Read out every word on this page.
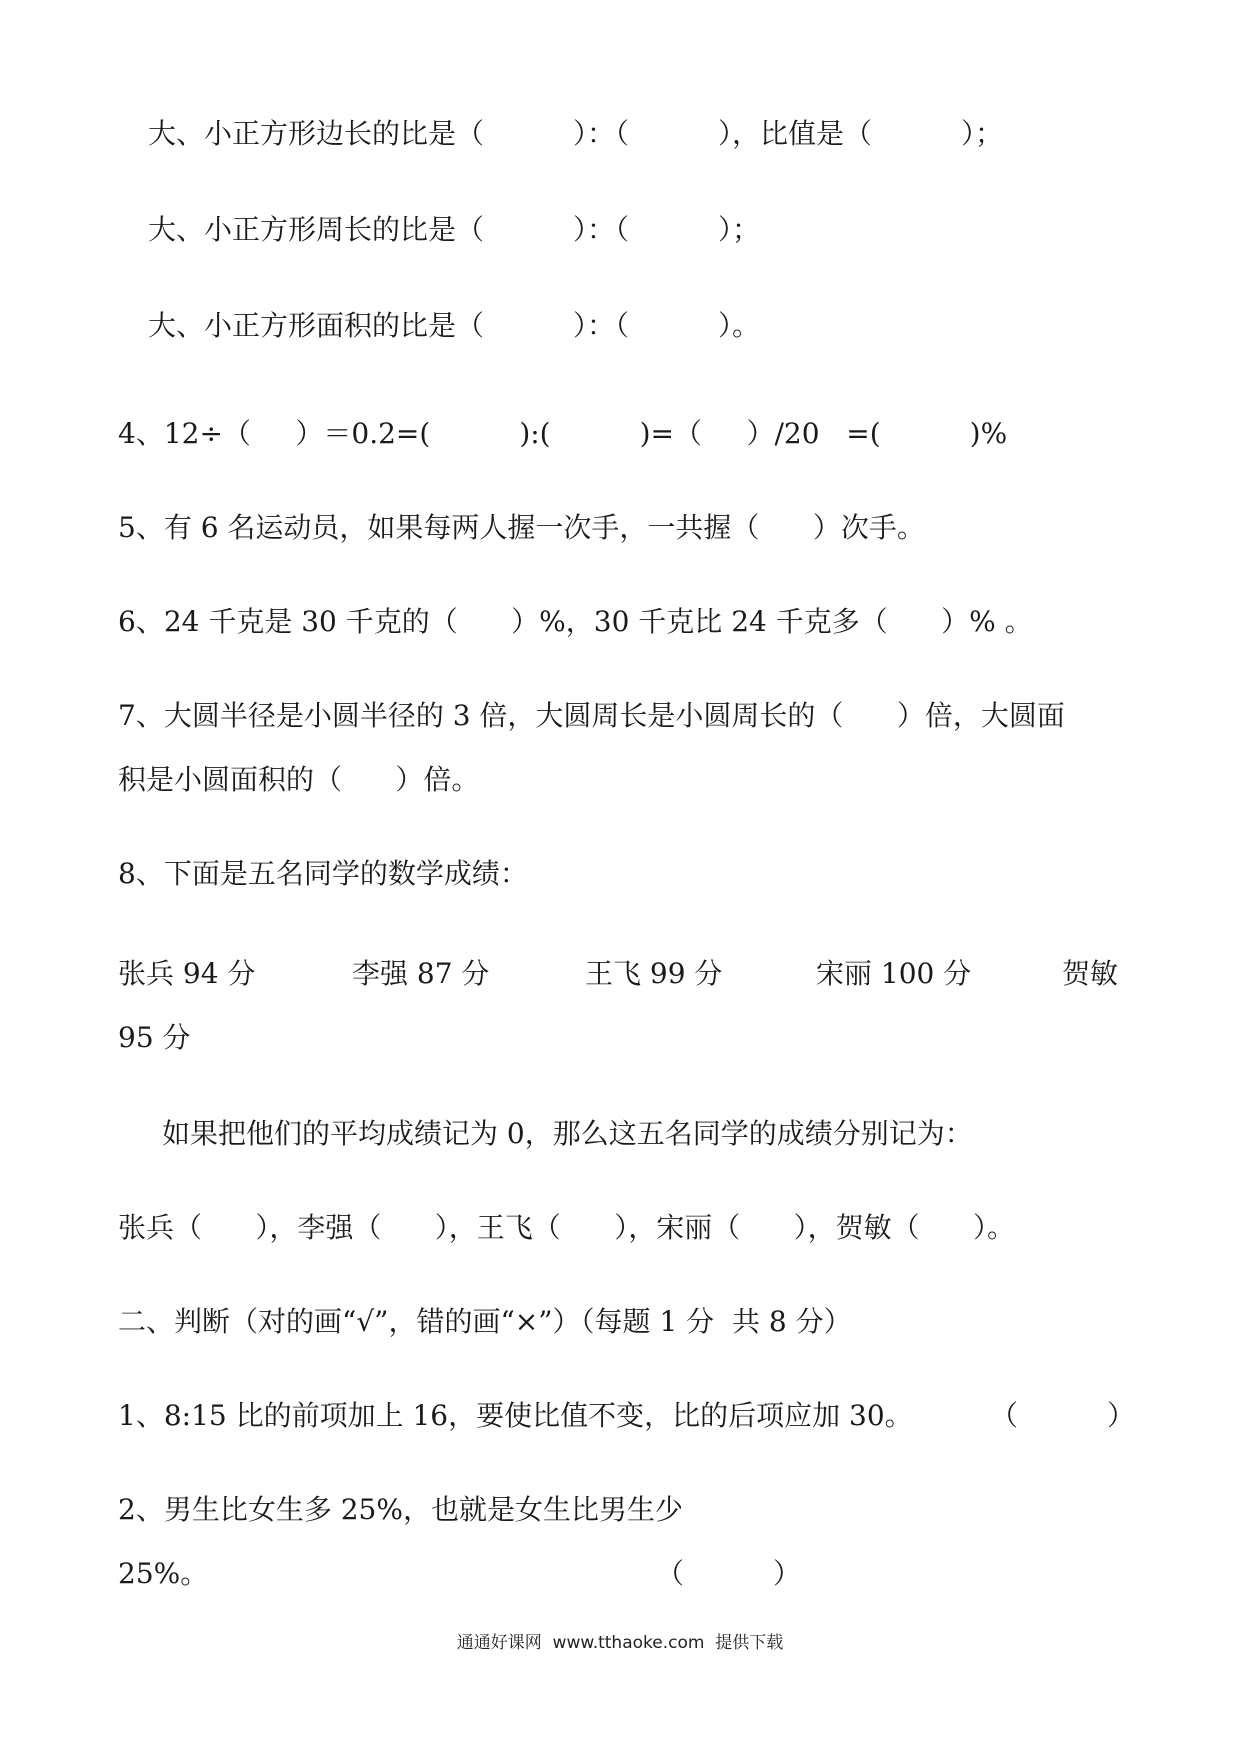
大、小正方形边长的比是（          ）：（          ），比值是（          ）；
大、小正方形周长的比是（          ）：（          ）；
大、小正方形面积的比是（          ）：（          ）。
4、12÷（     ）＝0.2=(          ):(          )=（     ）/20   =(          )%
5、有 6 名运动员，如果每两人握一次手，一共握（      ）次手。
6、24 千克是 30 千克的（      ）%，30 千克比 24 千克多（      ）% 。
7、大圆半径是小圆半径的 3 倍，大圆周长是小圆周长的（      ）倍，大圆面
积是小圆面积的（      ）倍。
8、下面是五名同学的数学成绩：
张兵 94 分	李强 87 分	王飞 99 分	宋丽 100 分	贺敏
95 分
如果把他们的平均成绩记为 0，那么这五名同学的成绩分别记为：
张兵（      ），李强（      ），王飞（      ），宋丽（      ），贺敏（      ）。
二、判断（对的画“√”，错的画“×”）（每题 1 分  共 8 分）
1、8:15 比的前项加上 16，要使比值不变，比的后项应加 30。	（          ）
2、男生比女生多 25%，也就是女生比男生少
25%。	（          ）
通通好课网  www.tthaoke.com  提供下载
